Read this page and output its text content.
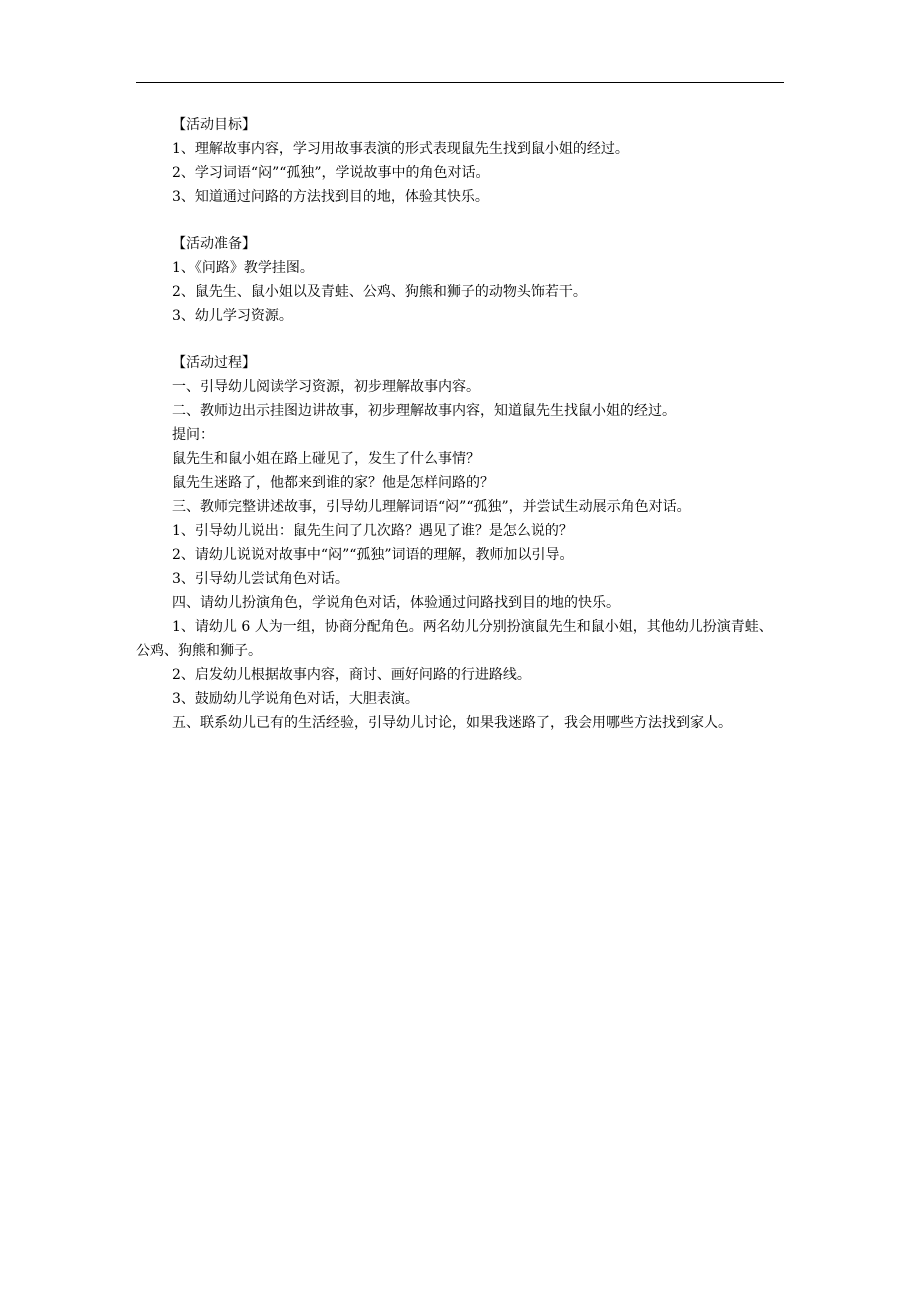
【活动目标】

1、理解故事内容，学习用故事表演的形式表现鼠先生找到鼠小姐的经过。

2、学习词语“闷”“孤独”，学说故事中的角色对话。

3、知道通过问路的方法找到目的地，体验其快乐。

【活动准备】

1、《问路》教学挂图。

2、鼠先生、鼠小姐以及青蛙、公鸡、狗熊和狮子的动物头饰若干。

3、幼儿学习资源。

【活动过程】

一、引导幼儿阅读学习资源，初步理解故事内容。

二、教师边出示挂图边讲故事，初步理解故事内容，知道鼠先生找鼠小姐的经过。

提问：

鼠先生和鼠小姐在路上碰见了，发生了什么事情？

鼠先生迷路了，他都来到谁的家？他是怎样问路的？

三、教师完整讲述故事，引导幼儿理解词语“闷”“孤独”，并尝试生动展示角色对话。

1、引导幼儿说出：鼠先生问了几次路？遇见了谁？是怎么说的？

2、请幼儿说说对故事中“闷”“孤独”词语的理解，教师加以引导。

3、引导幼儿尝试角色对话。

四、请幼儿扮演角色，学说角色对话，体验通过问路找到目的地的快乐。

1、请幼儿 6 人为一组，协商分配角色。两名幼儿分别扮演鼠先生和鼠小姐，其他幼儿扮演青蛙、公鸡、狗熊和狮子。

2、启发幼儿根据故事内容，商讨、画好问路的行进路线。

3、鼓励幼儿学说角色对话，大胆表演。

五、联系幼儿已有的生活经验，引导幼儿讨论，如果我迷路了，我会用哪些方法找到家人。
